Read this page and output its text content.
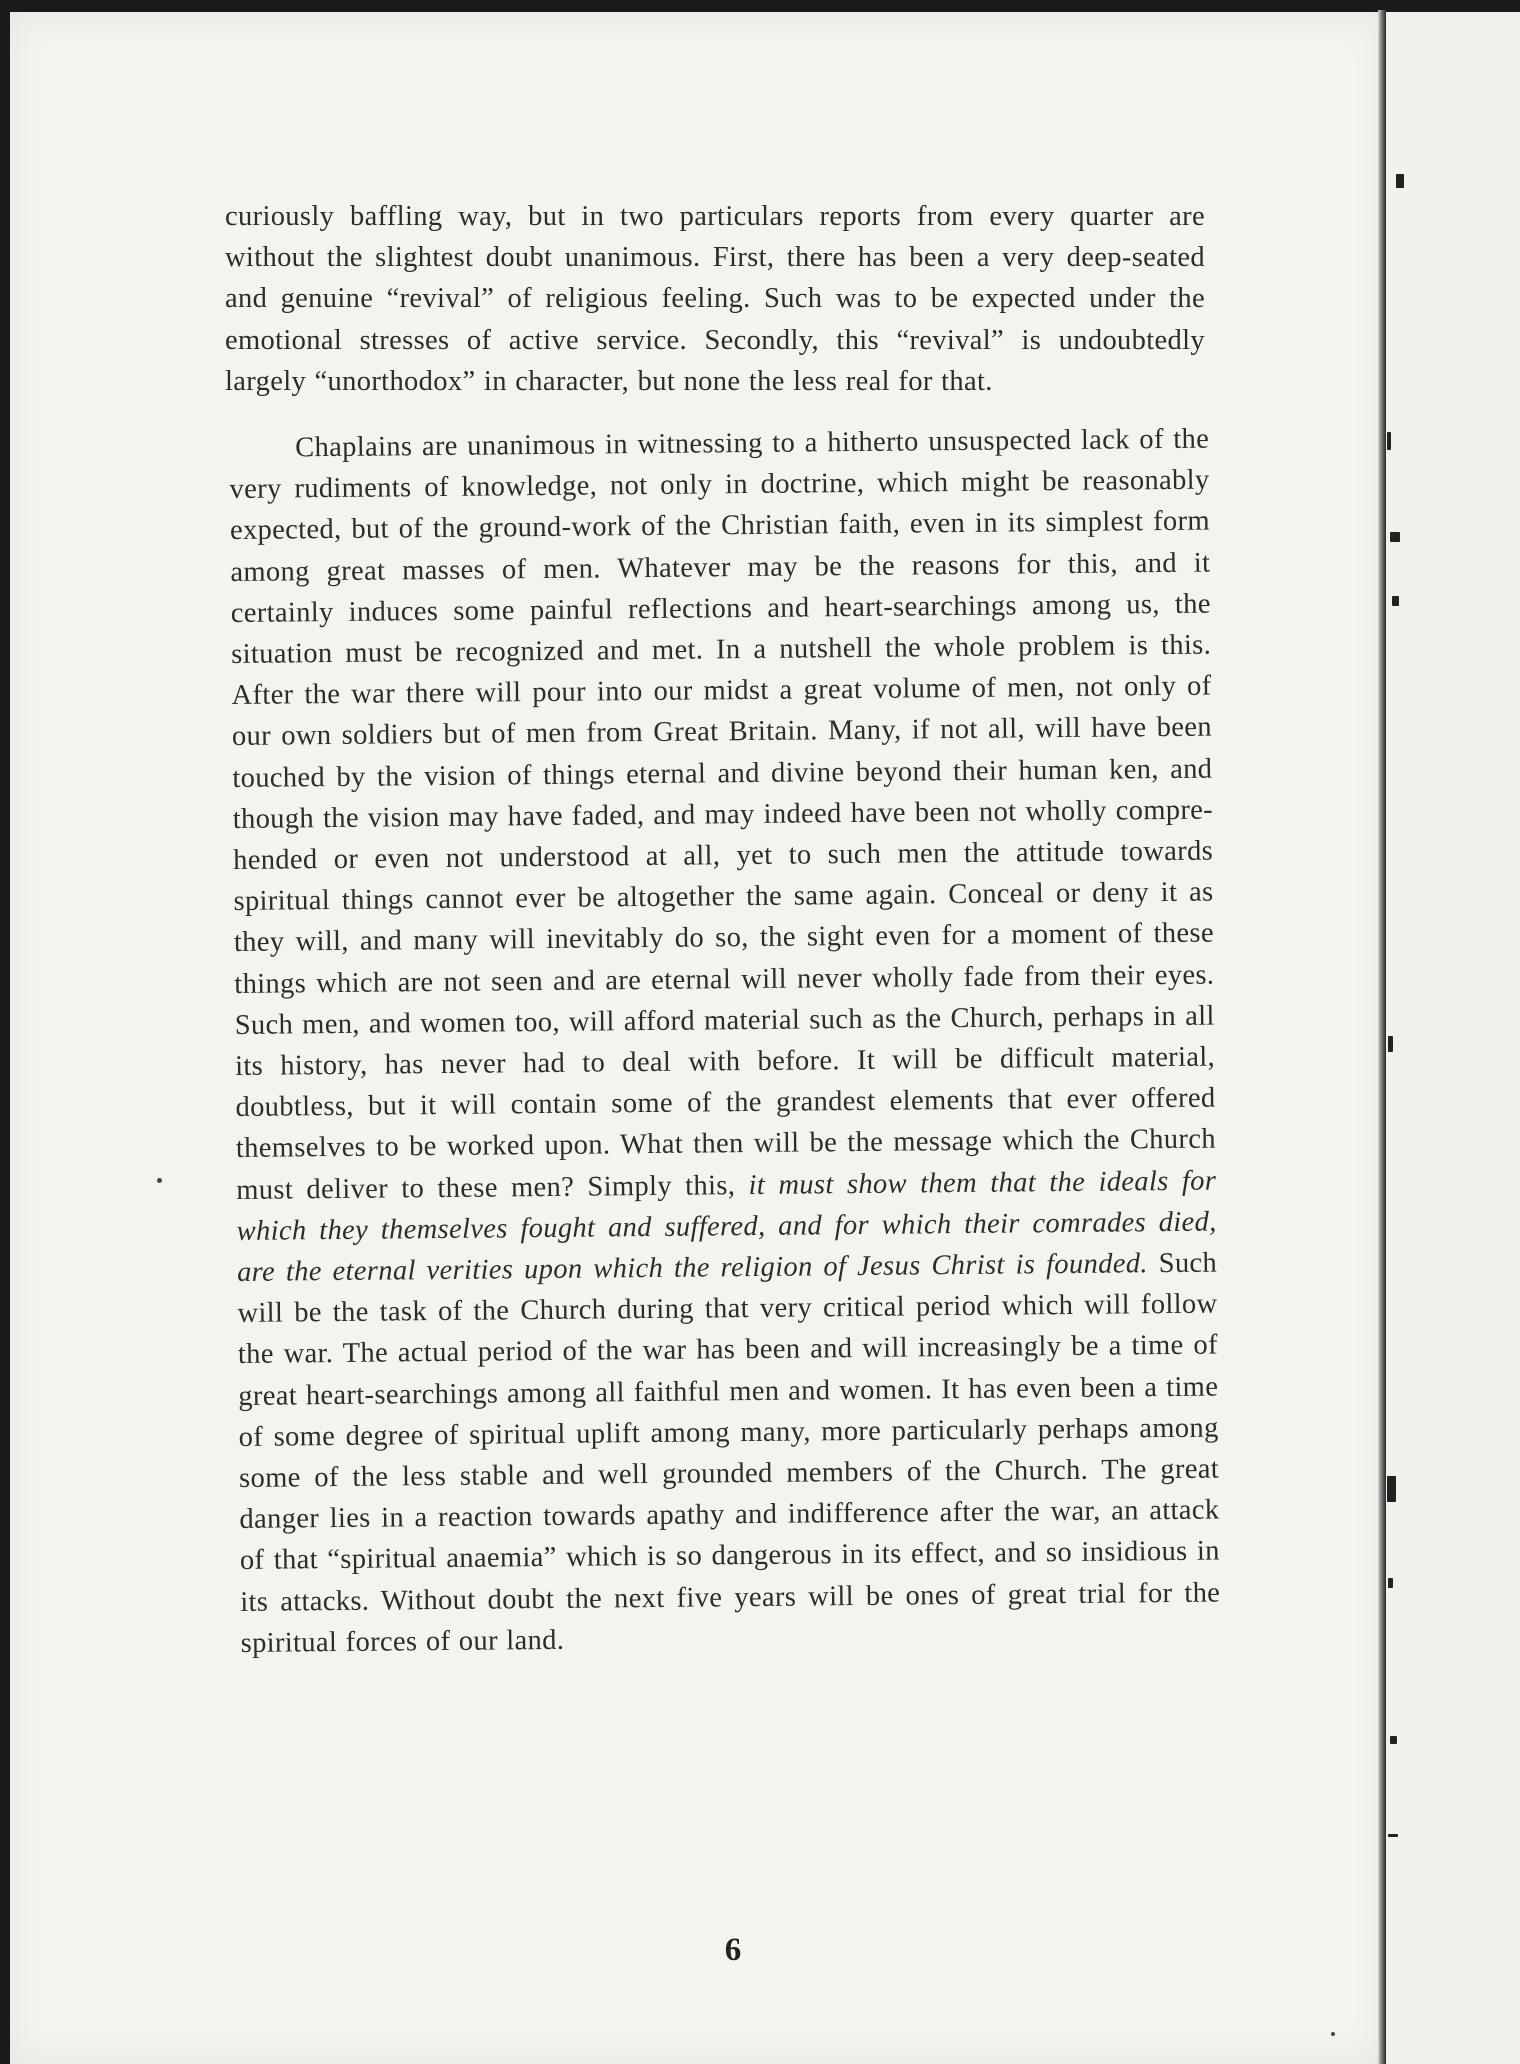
curiously baffling way, but in two particulars reports from every quarter are without the slightest doubt unanimous. First, there has been a very deep-seated and genuine “revival” of religious feeling. Such was to be expected under the emotional stresses of active service. Secondly, this “revival” is undoubtedly largely “unorthodox” in character, but none the less real for that.

Chaplains are unanimous in witnessing to a hitherto unsuspected lack of the very rudiments of knowledge, not only in doctrine, which might be reasonably expected, but of the ground-work of the Christian faith, even in its simplest form among great masses of men. Whatever may be the reasons for this, and it certainly induces some painful reflections and heart-searchings among us, the situation must be recognized and met. In a nutshell the whole problem is this. After the war there will pour into our midst a great volume of men, not only of our own soldiers but of men from Great Britain. Many, if not all, will have been touched by the vision of things eternal and divine beyond their human ken, and though the vision may have faded, and may indeed have been not wholly comprehended or even not understood at all, yet to such men the attitude towards spiritual things cannot ever be altogether the same again. Conceal or deny it as they will, and many will inevitably do so, the sight even for a moment of these things which are not seen and are eternal will never wholly fade from their eyes. Such men, and women too, will afford material such as the Church, perhaps in all its history, has never had to deal with before. It will be difficult material, doubtless, but it will contain some of the grandest elements that ever offered themselves to be worked upon. What then will be the message which the Church must deliver to these men? Simply this, it must show them that the ideals for which they themselves fought and suffered, and for which their comrades died, are the eternal verities upon which the religion of Jesus Christ is founded. Such will be the task of the Church during that very critical period which will follow the war. The actual period of the war has been and will increasingly be a time of great heart-searchings among all faithful men and women. It has even been a time of some degree of spiritual uplift among many, more particularly perhaps among some of the less stable and well grounded members of the Church. The great danger lies in a reaction towards apathy and indifference after the war, an attack of that “spiritual anaemia” which is so dangerous in its effect, and so insidious in its attacks. Without doubt the next five years will be ones of great trial for the spiritual forces of our land.

6
